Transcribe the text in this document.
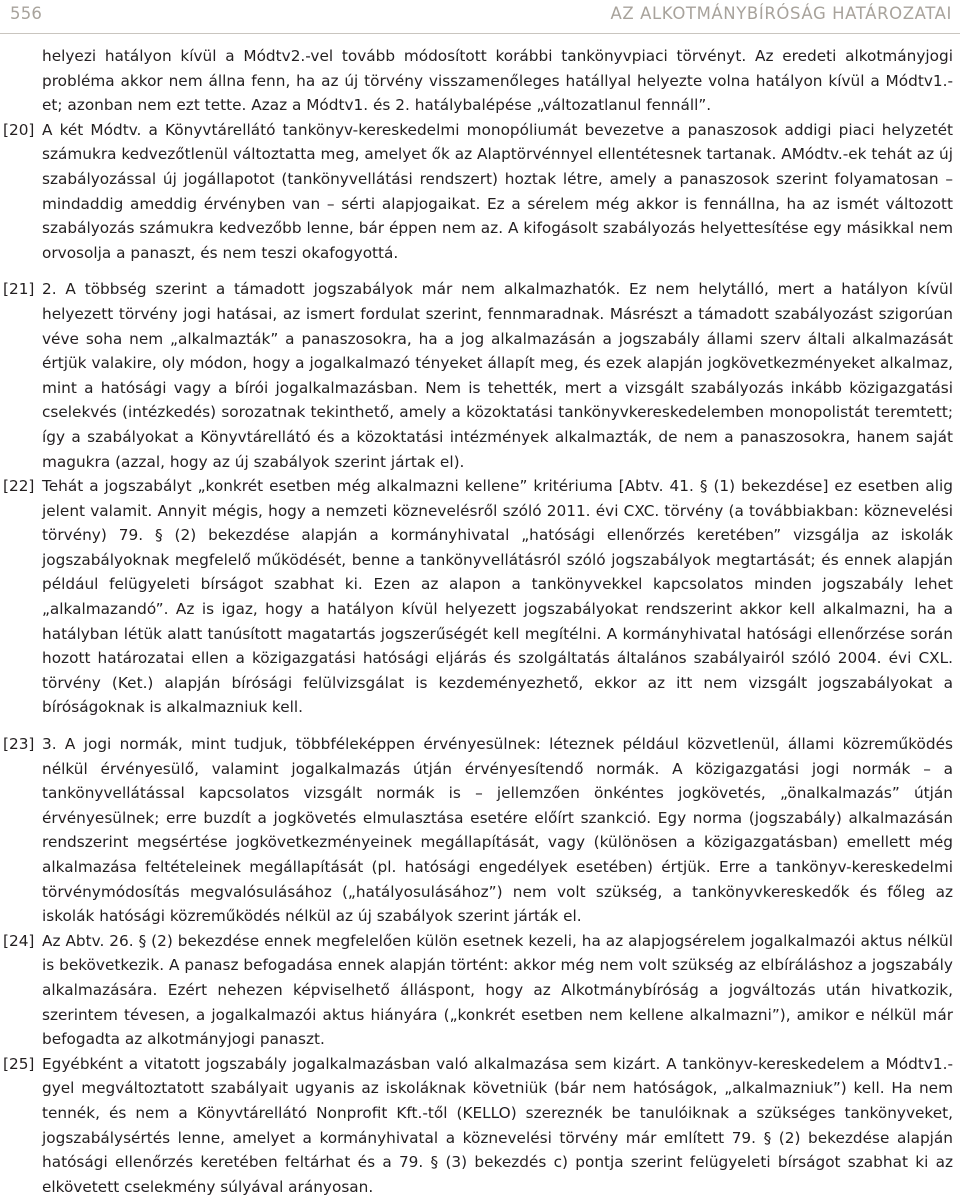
556	AZ ALKOTMÁNYBÍRÓSÁG HATÁROZATAI
helyezi hatályon kívül a Módtv2.-vel tovább módosított korábbi tankönyvpiaci törvényt. Az eredeti alkotmányjogi probléma akkor nem állna fenn, ha az új törvény visszamenőleges hatállyal helyezte volna hatályon kívül a Módtv1.-et; azonban nem ezt tette. Azaz a Módtv1. és 2. hatálybalépése „változatlanul fennáll”.
[20] A két Módtv. a Könyvtárellátó tankönyv-kereskedelmi monopóliumát bevezetve a panaszosok addigi piaci helyzetét számukra kedvezőtlenül változtatta meg, amelyet ők az Alaptörvénnyel ellentétesnek tartanak. AMódtv.-ek tehát az új szabályozással új jogállapotot (tankönyvellátási rendszert) hoztak létre, amely a panaszosok szerint folyamatosan – mindaddig ameddig érvényben van – sérti alapjogaikat. Ez a sérelem még akkor is fennállna, ha az ismét változott szabályozás számukra kedvezőbb lenne, bár éppen nem az. A kifogásolt szabályozás helyettesítése egy másikkal nem orvosolja a panaszt, és nem teszi okafogyottá.
[21] 2. A többség szerint a támadott jogszabályok már nem alkalmazhatók. Ez nem helytálló, mert a hatályon kívül helyezett törvény jogi hatásai, az ismert fordulat szerint, fennmaradnak. Másrészt a támadott szabályozást szigorúan véve soha nem „alkalmazták” a panaszosokra, ha a jog alkalmazásán a jogszabály állami szerv általi alkalmazását értjük valakire, oly módon, hogy a jogalkalmazó tényeket állapít meg, és ezek alapján jogkövetkezményeket alkalmaz, mint a hatósági vagy a bírói jogalkalmazásban. Nem is tehették, mert a vizsgált szabályozás inkább közigazgatási cselekvés (intézkedés) sorozatnak tekinthető, amely a közoktatási tankönyvkereskedelemben monopolistát teremtett; így a szabályokat a Könyvtárellátó és a közoktatási intézmények alkalmazták, de nem a panaszosokra, hanem saját magukra (azzal, hogy az új szabályok szerint jártak el).
[22] Tehát a jogszabályt „konkrét esetben még alkalmazni kellene” kritériuma [Abtv. 41. § (1) bekezdése] ez esetben alig jelent valamit. Annyit mégis, hogy a nemzeti köznevelésről szóló 2011. évi CXC. törvény (a továbbiakban: köznevelési törvény) 79. § (2) bekezdése alapján a kormányhivatal „hatósági ellenőrzés keretében” vizsgálja az iskolák jogszabályoknak megfelelő működését, benne a tankönyvellátásról szóló jogszabályok megtartását; és ennek alapján például felügyeleti bírságot szabhat ki. Ezen az alapon a tankönyvekkel kapcsolatos minden jogszabály lehet „alkalmazandó”. Az is igaz, hogy a hatályon kívül helyezett jogszabályokat rendszerint akkor kell alkalmazni, ha a hatályban létük alatt tanúsított magatartás jogszerűségét kell megítélni. A kormányhivatal hatósági ellenőrzése során hozott határozatai ellen a közigazgatási hatósági eljárás és szolgáltatás általános szabályairól szóló 2004. évi CXL. törvény (Ket.) alapján bírósági felülvizsgálat is kezdeményezhető, ekkor az itt nem vizsgált jogszabályokat a bíróságoknak is alkalmazniuk kell.
[23] 3. A jogi normák, mint tudjuk, többféleképpen érvényesülnek: léteznek például közvetlenül, állami közreműködés nélkül érvényesülő, valamint jogalkalmazás útján érvényesítendő normák. A közigazgatási jogi normák – a tankönyvellátással kapcsolatos vizsgált normák is – jellemzően önkéntes jogkövetés, „önalkalmazás” útján érvényesülnek; erre buzdít a jogkövetés elmulasztása esetére előírt szankció. Egy norma (jogszabály) alkalmazásán rendszerint megsértése jogkövetkezményeinek megállapítását, vagy (különösen a közigazgatásban) emellett még alkalmazása feltételeinek megállapítását (pl. hatósági engedélyek esetében) értjük. Erre a tankönyv-kereskedelmi törvénymódosítás megvalósulásához („hatályosulásához”) nem volt szükség, a tankönyvkereskedők és főleg az iskolák hatósági közreműködés nélkül az új szabályok szerint járták el.
[24] Az Abtv. 26. § (2) bekezdése ennek megfelelően külön esetnek kezeli, ha az alapjogsérelem jogalkalmazói aktus nélkül is bekövetkezik. A panasz befogadása ennek alapján történt: akkor még nem volt szükség az elbíráláshoz a jogszabály alkalmazására. Ezért nehezen képviselhető álláspont, hogy az Alkotmánybíróság a jogváltozás után hivatkozik, szerintem tévesen, a jogalkalmazói aktus hiányára („konkrét esetben nem kellene alkalmazni”), amikor e nélkül már befogadta az alkotmányjogi panaszt.
[25] Egyébként a vitatott jogszabály jogalkalmazásban való alkalmazása sem kizárt. A tankönyv-kereskedelem a Módtv1.-gyel megváltoztatott szabályait ugyanis az iskoláknak követniük (bár nem hatóságok, „alkalmazniuk”) kell. Ha nem tennék, és nem a Könyvtárellátó Nonprofit Kft.-től (KELLO) szereznék be tanulóiknak a szükséges tankönyveket, jogszabálysértés lenne, amelyet a kormányhivatal a köznevelési törvény már említett 79. § (2) bekezdése alapján hatósági ellenőrzés keretében feltárhat és a 79. § (3) bekezdés c) pontja szerint felügyeleti bírságot szabhat ki az elkövetett cselekmény súlyával arányosan.
